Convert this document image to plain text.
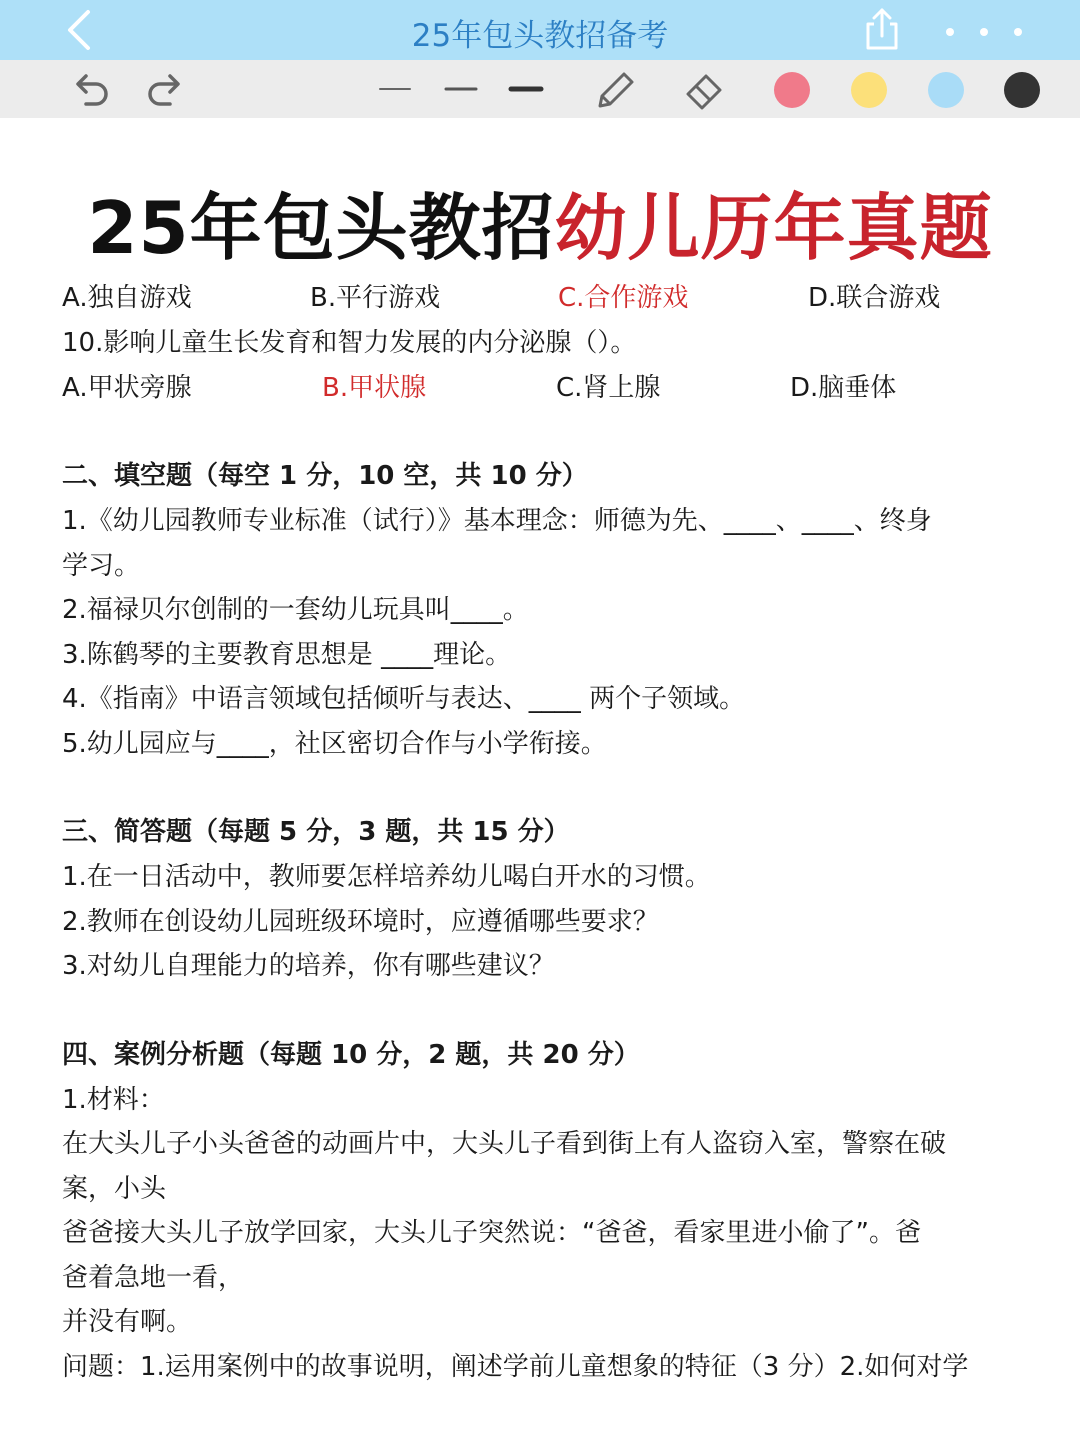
25年包头教招备考
25年包头教招幼儿历年真题
A.独自游戏	B.平行游戏	C.合作游戏	D.联合游戏
10.影响儿童生长发育和智力发展的内分泌腺（）。
A.甲状旁腺	B.甲状腺	C.肾上腺	D.脑垂体
二、填空题（每空 1 分，10 空，共 10 分）
1.《幼儿园教师专业标准（试行）》基本理念：师德为先、____、____、终身
学习。
2.福禄贝尔创制的一套幼儿玩具叫____。
3.陈鹤琴的主要教育思想是 ____理论。
4.《指南》中语言领域包括倾听与表达、____ 两个子领域。
5.幼儿园应与____，社区密切合作与小学衔接。
三、简答题（每题 5 分，3 题，共 15 分）
1.在一日活动中，教师要怎样培养幼儿喝白开水的习惯。
2.教师在创设幼儿园班级环境时，应遵循哪些要求？
3.对幼儿自理能力的培养，你有哪些建议？
四、案例分析题（每题 10 分，2 题，共 20 分）
1.材料：
在大头儿子小头爸爸的动画片中，大头儿子看到街上有人盗窃入室，警察在破
案，小头
爸爸接大头儿子放学回家，大头儿子突然说：“爸爸，看家里进小偷了”。爸
爸着急地一看，
并没有啊。
问题：1.运用案例中的故事说明，阐述学前儿童想象的特征（3 分）2.如何对学
